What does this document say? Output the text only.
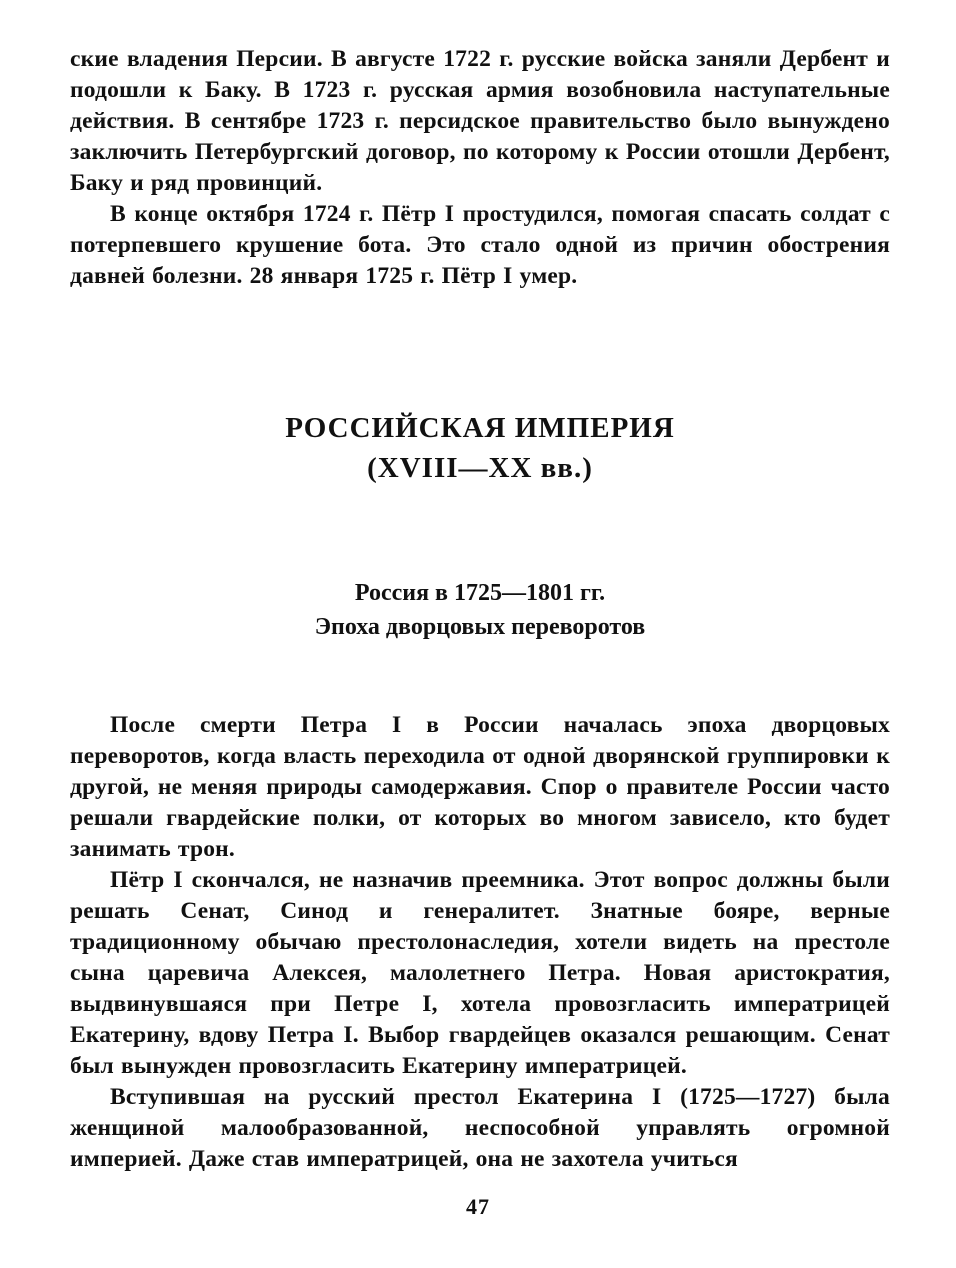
ские владения Персии. В августе 1722 г. русские войска заняли Дербент и подошли к Баку. В 1723 г. русская армия возобновила наступательные действия. В сентябре 1723 г. персидское правительство было вынуждено заключить Петербургский договор, по которому к России отошли Дербент, Баку и ряд провинций.

В конце октября 1724 г. Пётр I простудился, помогая спасать солдат с потерпевшего крушение бота. Это стало одной из причин обострения давней болезни. 28 января 1725 г. Пётр I умер.

РОССИЙСКАЯ ИМПЕРИЯ
(XVIII—XX вв.)
Россия в 1725—1801 гг.
Эпоха дворцовых переворотов

После смерти Петра I в России началась эпоха дворцовых переворотов, когда власть переходила от одной дворянской группировки к другой, не меняя природы самодержавия. Спор о правителе России часто решали гвардейские полки, от которых во многом зависело, кто будет занимать трон.

Пётр I скончался, не назначив преемника. Этот вопрос должны были решать Сенат, Синод и генералитет. Знатные бояре, верные традиционному обычаю престолонаследия, хотели видеть на престоле сына царевича Алексея, малолетнего Петра. Новая аристократия, выдвинувшаяся при Петре I, хотела провозгласить императрицей Екатерину, вдову Петра I. Выбор гвардейцев оказался решающим. Сенат был вынужден провозгласить Екатерину императрицей.

Вступившая на русский престол Екатерина I (1725—1727) была женщиной малообразованной, неспособной управлять огромной империей. Даже став императрицей, она не захотела учиться

47
